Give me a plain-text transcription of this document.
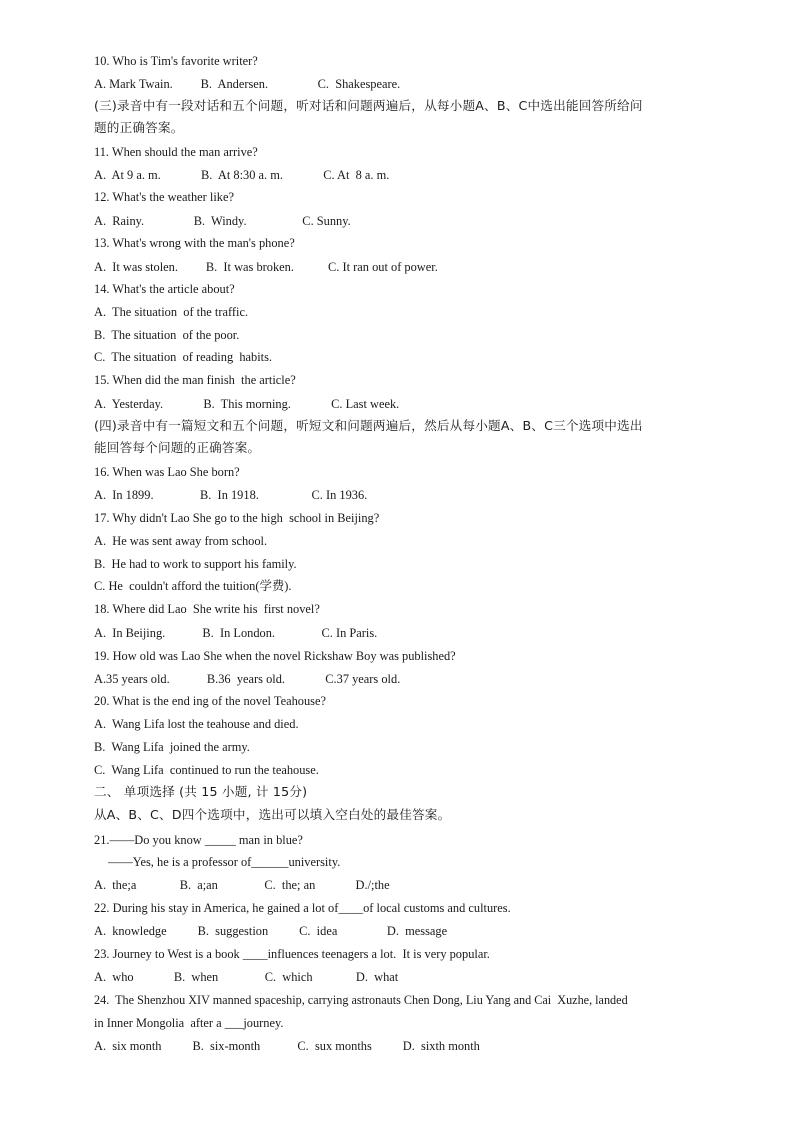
10. Who is Tim's favorite writer?
A. Mark Twain.         B.  Andersen.                C.  Shakespeare.
(三)录音中有一段对话和五个问题，听对话和问题两遍后，从每小题A、B、C中选出能回答所给问
题的正确答案。
11. When should the man arrive?
A.  At 9 a. m.             B.  At 8:30 a. m.             C. At  8 a. m.
12. What's the weather like?
A.  Rainy.                B.  Windy.                  C. Sunny.
13. What's wrong with the man's phone?
A.  It was stolen.         B.  It was broken.           C. It ran out of power.
14. What's the article about?
A.  The situation  of the traffic.
B.  The situation  of the poor.
C.  The situation  of reading  habits.
15. When did the man finish  the article?
A.  Yesterday.             B.  This morning.             C. Last week.
(四)录音中有一篇短文和五个问题，听短文和问题两遍后，然后从每小题A、B、C三个选项中选出
能回答每个问题的正确答案。
16. When was Lao She born?
A.  In 1899.               B.  In 1918.                 C. In 1936.
17. Why didn't Lao She go to the high  school in Beijing?
A.  He was sent away from school.
B.  He had to work to support his family.
C. He  couldn't afford the tuition(学费).
18. Where did Lao  She write his  first novel?
A.  In Beijing.            B.  In London.               C. In Paris.
19. How old was Lao She when the novel Rickshaw Boy was published?
A.35 years old.            B.36  years old.             C.37 years old.
20. What is the end ing of the novel Teahouse?
A.  Wang Lifa lost the teahouse and died.
B.  Wang Lifa  joined the army.
C.  Wang Lifa  continued to run the teahouse.
二、 单项选择 (共 15 小题, 计 15分)
从A、B、C、D四个选项中，选出可以填入空白处的最佳答案。
21.——Do you know _____ man in blue?
——Yes, he is a professor of______university.
A.  the;a              B.  a;an               C.  the; an             D./;the
22. During his stay in America, he gained a lot of____of local customs and cultures.
A.  knowledge          B.  suggestion          C.  idea                D.  message
23. Journey to West is a book ____influences teenagers a lot.  It is very popular.
A.  who             B.  when               C.  which              D.  what
24.  The Shenzhou XIV manned spaceship, carrying astronauts Chen Dong, Liu Yang and Cai  Xuzhe, landed
in Inner Mongolia  after a ___journey.
A.  six month          B.  six-month            C.  sux months          D.  sixth month
